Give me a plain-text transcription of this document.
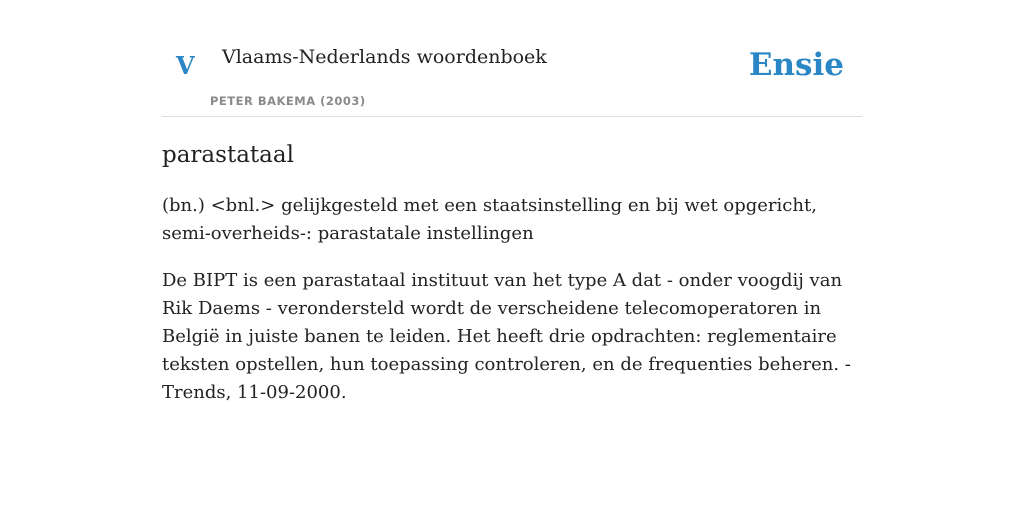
V Vlaams-Nederlands woordenboek
PETER BAKEMA (2003)
Ensie
parastataal

(bn.) <bnl.> gelijkgesteld met een staatsinstelling en bij wet opgericht, semi-overheids-: parastatale instellingen

De BIPT is een parastataal instituut van het type A dat - onder voogdij van Rik Daems - verondersteld wordt de verscheidene telecomoperatoren in België in juiste banen te leiden. Het heeft drie opdrachten: reglementaire teksten opstellen, hun toepassing controleren, en de frequenties beheren. -Trends, 11-09-2000.
